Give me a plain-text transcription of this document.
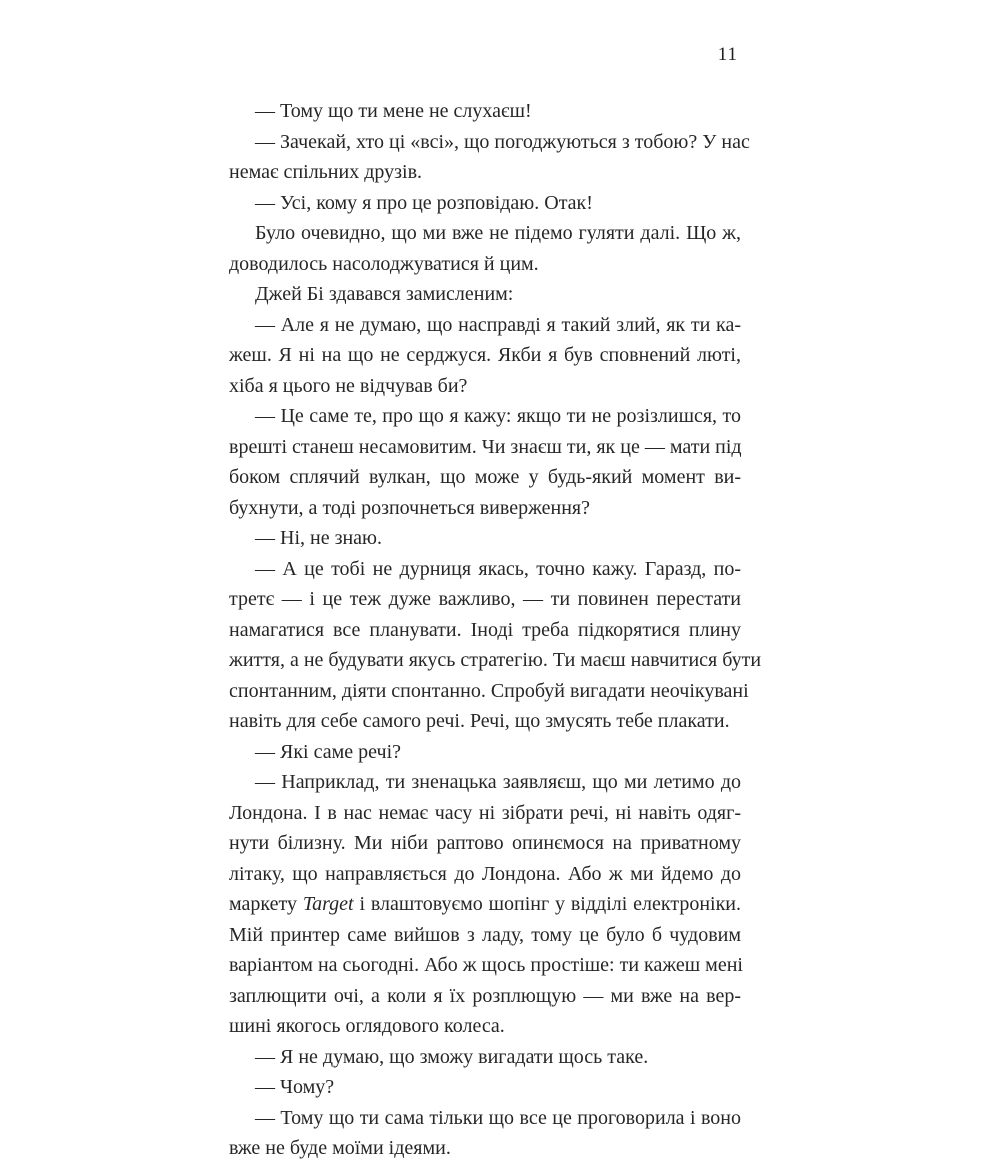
11
— Тому що ти мене не слухаєш!
— Зачекай, хто ці «всі», що погоджуються з тобою? У нас
немає спільних друзів.
— Усі, кому я про це розповідаю. Отак!
Було очевидно, що ми вже не підемо гуляти далі. Що ж,
доводилось насолоджуватися й цим.
Джей Бі здавався замисленим:
— Але я не думаю, що насправді я такий злий, як ти ка-
жеш. Я ні на що не серджуся. Якби я був сповнений люті,
хіба я цього не відчував би?
— Це саме те, про що я кажу: якщо ти не розізлишся, то
врешті станеш несамовитим. Чи знаєш ти, як це — мати під
боком сплячий вулкан, що може у будь-який момент ви-
бухнути, а тоді розпочнеться виверження?
— Ні, не знаю.
— А це тобі не дурниця якась, точно кажу. Гаразд, по-
третє — і це теж дуже важливо, — ти повинен перестати
намагатися все планувати. Іноді треба підкорятися плину
життя, а не будувати якусь стратегію. Ти маєш навчитися бути
спонтанним, діяти спонтанно. Спробуй вигадати неочікувані
навіть для себе самого речі. Речі, що змусять тебе плакати.
— Які саме речі?
— Наприклад, ти зненацька заявляєш, що ми летимо до
Лондона. І в нас немає часу ні зібрати речі, ні навіть одяг-
нути білизну. Ми ніби раптово опинємося на приватному
літаку, що направляється до Лондона. Або ж ми йдемо до
маркету Target і влаштовуємо шопінг у відділі електроніки.
Мій принтер саме вийшов з ладу, тому це було б чудовим
варіантом на сьогодні. Або ж щось простіше: ти кажеш мені
заплющити очі, а коли я їх розплющую — ми вже на вер-
шині якогось оглядового колеса.
— Я не думаю, що зможу вигадати щось таке.
— Чому?
— Тому що ти сама тільки що все це проговорила і воно
вже не буде моїми ідеями.
